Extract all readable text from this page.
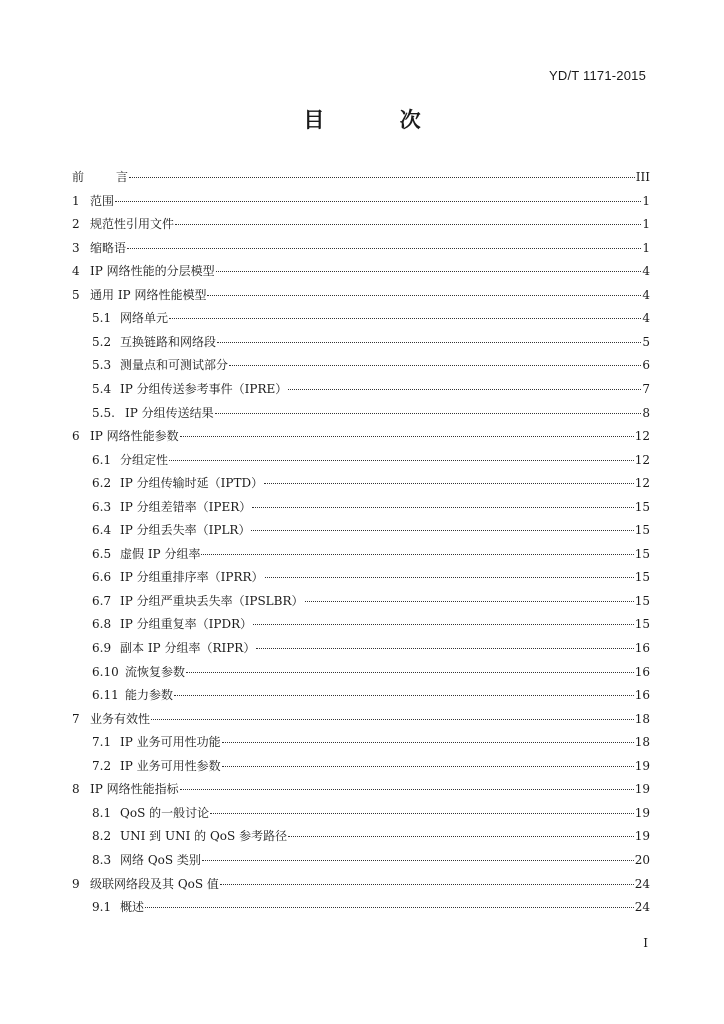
YD/T 1171-2015
目 次
前	言	III
1 范围	1
2 规范性引用文件	1
3 缩略语	1
4 IP 网络性能的分层模型	4
5 通用 IP 网络性能模型	4
5.1 网络单元	4
5.2 互换链路和网络段	5
5.3 测量点和可测试部分	6
5.4 IP 分组传送参考事件（IPRE）	7
5.5. IP 分组传送结果	8
6 IP 网络性能参数	12
6.1 分组定性	12
6.2 IP 分组传输时延（IPTD）	12
6.3 IP 分组差错率（IPER）	15
6.4 IP 分组丢失率（IPLR）	15
6.5 虚假 IP 分组率	15
6.6 IP 分组重排序率（IPRR）	15
6.7 IP 分组严重块丢失率（IPSLBR）	15
6.8 IP 分组重复率（IPDR）	15
6.9 副本 IP 分组率（RIPR）	16
6.10 流恢复参数	16
6.11 能力参数	16
7 业务有效性	18
7.1 IP 业务可用性功能	18
7.2 IP 业务可用性参数	19
8 IP 网络性能指标	19
8.1 QoS 的一般讨论	19
8.2 UNI 到 UNI 的 QoS 参考路径	19
8.3 网络 QoS 类别	20
9 级联网络段及其 QoS 值	24
9.1 概述	24
I
